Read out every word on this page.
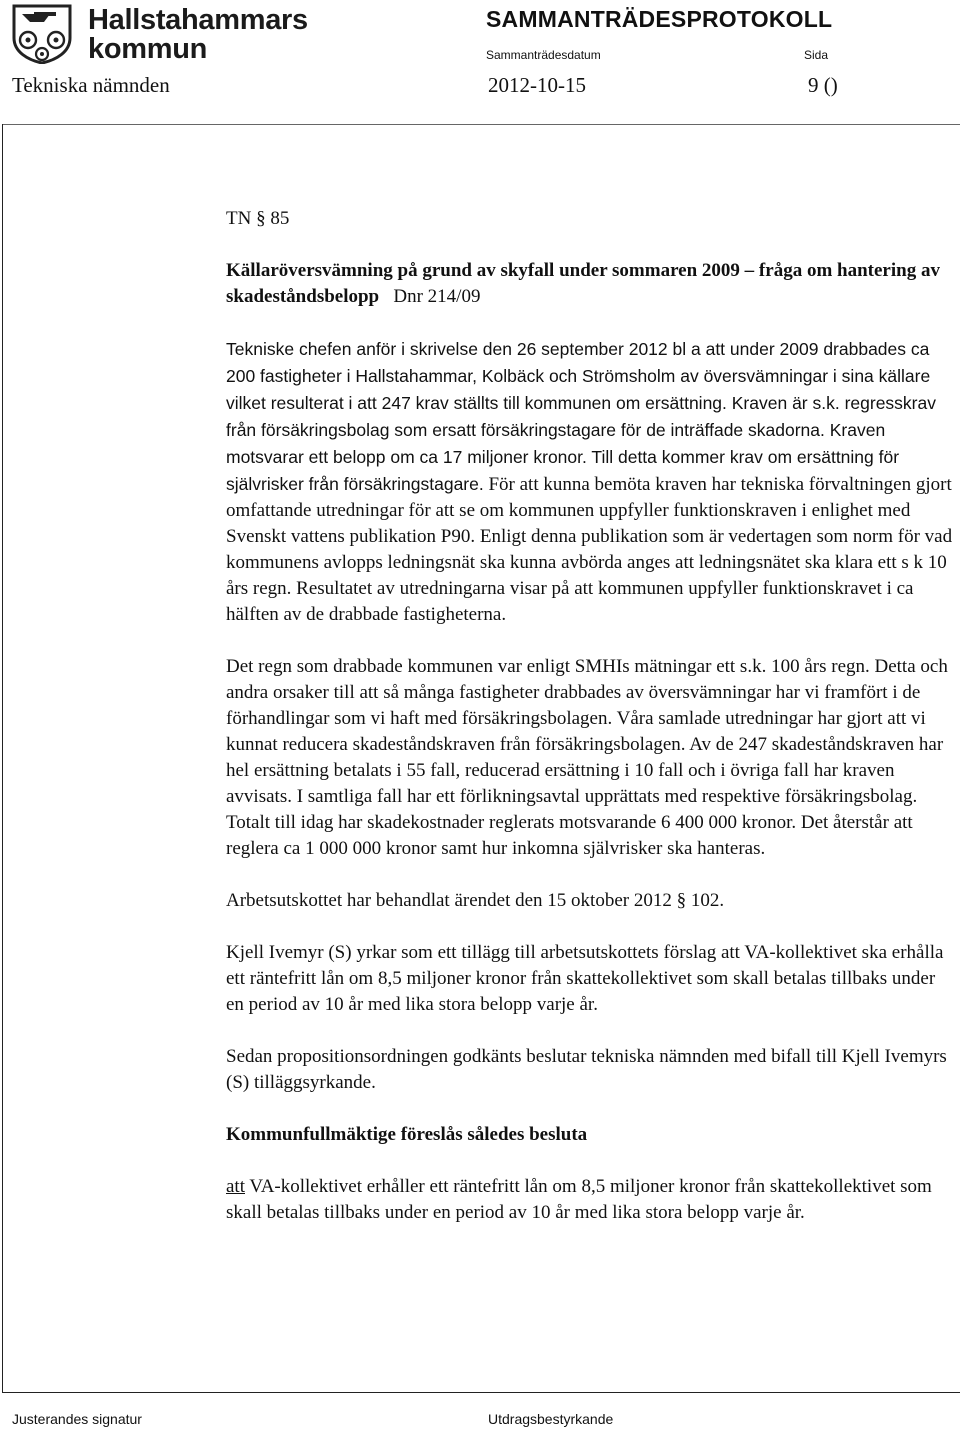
Hallstahammars
kommun
SAMMANTRÄDESPROTOKOLL
Sammanträdesdatum	Sida
Tekniska nämnden	2012-10-15	9 ()

TN § 85

Källaröversvämning på grund av skyfall under sommaren 2009 – fråga om hantering av skadeståndsbelopp Dnr 214/09

Tekniske chefen anför i skrivelse den 26 september 2012 bl a att under 2009 drabbades ca 200 fastigheter i Hallstahammar, Kolbäck och Strömsholm av översvämningar i sina källare vilket resulterat i att 247 krav ställts till kommunen om ersättning. Kraven är s.k. regresskrav från försäkringsbolag som ersatt försäkringstagare för de inträffade skadorna. Kraven motsvarar ett belopp om ca 17 miljoner kronor. Till detta kommer krav om ersättning för självrisker från försäkringstagare. För att kunna bemöta kraven har tekniska förvaltningen gjort omfattande utredningar för att se om kommunen uppfyller funktionskraven i enlighet med Svenskt vattens publikation P90. Enligt denna publikation som är vedertagen som norm för vad kommunens avlopps ledningsnät ska kunna avbörda anges att ledningsnätet ska klara ett s k 10 års regn. Resultatet av utredningarna visar på att kommunen uppfyller funktionskravet i ca hälften av de drabbade fastigheterna.

Det regn som drabbade kommunen var enligt SMHIs mätningar ett s.k. 100 års regn. Detta och andra orsaker till att så många fastigheter drabbades av översvämningar har vi framfört i de förhandlingar som vi haft med försäkringsbolagen. Våra samlade utredningar har gjort att vi kunnat reducera skadeståndskraven från försäkringsbolagen. Av de 247 skadeståndskraven har hel ersättning betalats i 55 fall, reducerad ersättning i 10 fall och i övriga fall har kraven avvisats. I samtliga fall har ett förlikningsavtal upprättats med respektive försäkringsbolag. Totalt till idag har skadekostnader reglerats motsvarande 6 400 000 kronor. Det återstår att reglera ca 1 000 000 kronor samt hur inkomna självrisker ska hanteras.

Arbetsutskottet har behandlat ärendet den 15 oktober 2012 § 102.

Kjell Ivemyr (S) yrkar som ett tillägg till arbetsutskottets förslag att VA-kollektivet ska erhålla ett räntefritt lån om 8,5 miljoner kronor från skattekollektivet som skall betalas tillbaks under en period av 10 år med lika stora belopp varje år.

Sedan propositionsordningen godkänts beslutar tekniska nämnden med bifall till Kjell Ivemyrs (S) tilläggsyrkande.

Kommunfullmäktige föreslås således besluta

att VA-kollektivet erhåller ett räntefritt lån om 8,5 miljoner kronor från skattekollektivet som skall betalas tillbaks under en period av 10 år med lika stora belopp varje år.

Justerandes signatur	Utdragsbestyrkande
